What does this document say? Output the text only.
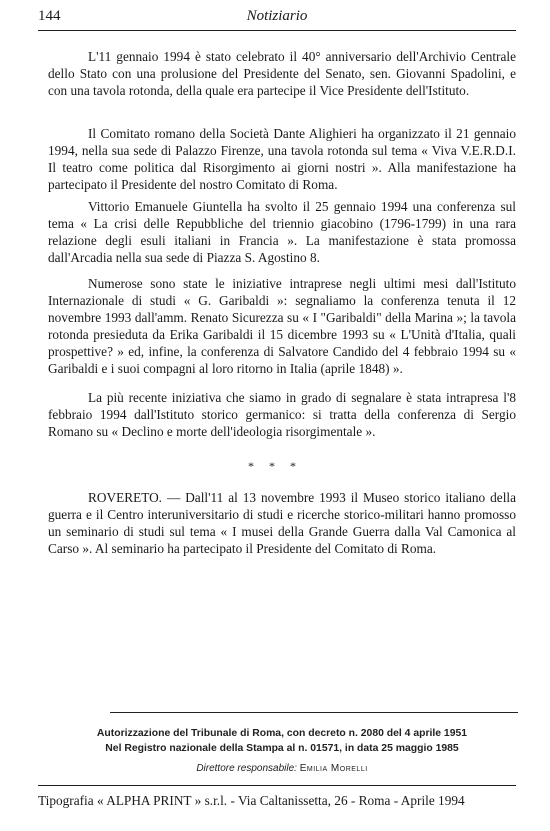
144	Notiziario

L'11 gennaio 1994 è stato celebrato il 40° anniversario dell'Archivio Centrale dello Stato con una prolusione del Presidente del Senato, sen. Giovanni Spadolini, e con una tavola rotonda, della quale era partecipe il Vice Presidente dell'Istituto.

Il Comitato romano della Società Dante Alighieri ha organizzato il 21 gennaio 1994, nella sua sede di Palazzo Firenze, una tavola rotonda sul tema « Viva V.E.R.D.I. Il teatro come politica dal Risorgimento ai giorni nostri ». Alla manifestazione ha partecipato il Presidente del nostro Comitato di Roma.

Vittorio Emanuele Giuntella ha svolto il 25 gennaio 1994 una conferenza sul tema « La crisi delle Repubbliche del triennio giacobino (1796-1799) in una rara relazione degli esuli italiani in Francia ». La manifestazione è stata promossa dall'Arcadia nella sua sede di Piazza S. Agostino 8.

Numerose sono state le iniziative intraprese negli ultimi mesi dall'Istituto Internazionale di studi « G. Garibaldi »: segnaliamo la conferenza tenuta il 12 novembre 1993 dall'amm. Renato Sicurezza su « I "Garibaldi" della Marina »; la tavola rotonda presieduta da Erika Garibaldi il 15 dicembre 1993 su « L'Unità d'Italia, quali prospettive? » ed, infine, la conferenza di Salvatore Candido del 4 febbraio 1994 su « Garibaldi e i suoi compagni al loro ritorno in Italia (aprile 1848) ».

La più recente iniziativa che siamo in grado di segnalare è stata intrapresa l'8 febbraio 1994 dall'Istituto storico germanico: si tratta della conferenza di Sergio Romano su « Declino e morte dell'ideologia risorgimentale ».

* * *

ROVERETO. — Dall'11 al 13 novembre 1993 il Museo storico italiano della guerra e il Centro interuniversitario di studi e ricerche storico-militari hanno promosso un seminario di studi sul tema « I musei della Grande Guerra dalla Val Camonica al Carso ». Al seminario ha partecipato il Presidente del Comitato di Roma.

Autorizzazione del Tribunale di Roma, con decreto n. 2080 del 4 aprile 1951
Nel Registro nazionale della Stampa al n. 01571, in data 25 maggio 1985
Direttore responsabile: Emilia Morelli
Tipografia « ALPHA PRINT » s.r.l. - Via Caltanissetta, 26 - Roma - Aprile 1994
